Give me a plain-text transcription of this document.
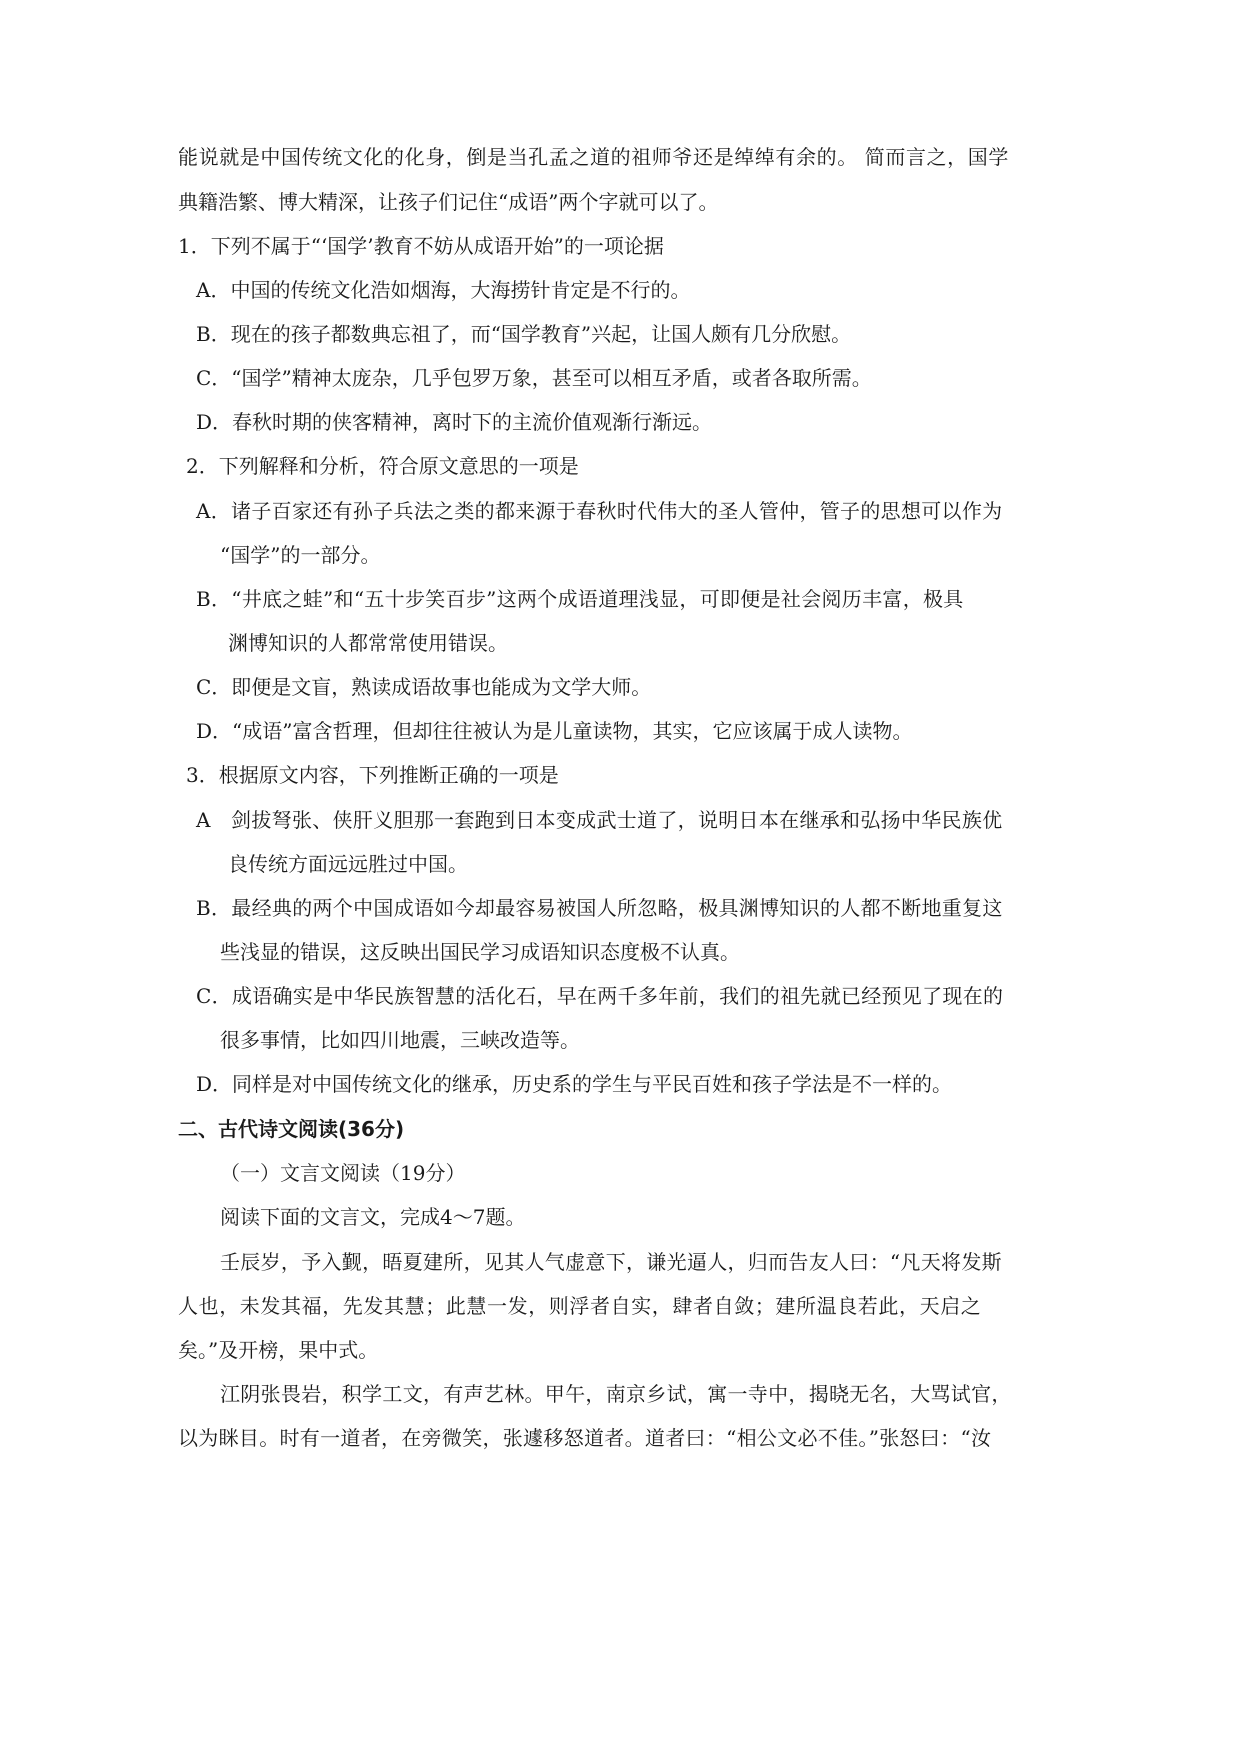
能说就是中国传统文化的化身，倒是当孔孟之道的祖师爷还是绰绰有余的。 简而言之，国学
典籍浩繁、博大精深，让孩子们记住“成语”两个字就可以了。
1．下列不属于“‘国学’教育不妨从成语开始”的一项论据
A．中国的传统文化浩如烟海，大海捞针肯定是不行的。
B．现在的孩子都数典忘祖了，而“国学教育”兴起，让国人颇有几分欣慰。
C．“国学”精神太庞杂，几乎包罗万象，甚至可以相互矛盾，或者各取所需。
D．春秋时期的侠客精神，离时下的主流价值观渐行渐远。
2．下列解释和分析，符合原文意思的一项是
A．诸子百家还有孙子兵法之类的都来源于春秋时代伟大的圣人管仲，管子的思想可以作为
“国学”的一部分。
B．“井底之蛙”和“五十步笑百步”这两个成语道理浅显，可即便是社会阅历丰富，极具
渊博知识的人都常常使用错误。
C．即便是文盲，熟读成语故事也能成为文学大师。
D．“成语”富含哲理，但却往往被认为是儿童读物，其实，它应该属于成人读物。
3．根据原文内容，下列推断正确的一项是
A　剑拔弩张、侠肝义胆那一套跑到日本变成武士道了，说明日本在继承和弘扬中华民族优
良传统方面远远胜过中国。
B．最经典的两个中国成语如今却最容易被国人所忽略，极具渊博知识的人都不断地重复这
些浅显的错误，这反映出国民学习成语知识态度极不认真。
C．成语确实是中华民族智慧的活化石，早在两千多年前，我们的祖先就已经预见了现在的
很多事情，比如四川地震，三峡改造等。
D．同样是对中国传统文化的继承，历史系的学生与平民百姓和孩子学法是不一样的。
二、古代诗文阅读(36分)
（一）文言文阅读（19分）
阅读下面的文言文，完成4～7题。
壬辰岁，予入觐，晤夏建所，见其人气虚意下，谦光逼人，归而告友人曰：“凡天将发斯
人也，未发其福，先发其慧；此慧一发，则浮者自实，肆者自敛；建所温良若此，天启之
矣。”及开榜，果中式。
江阴张畏岩，积学工文，有声艺林。甲午，南京乡试，寓一寺中，揭晓无名，大骂试官，
以为眯目。时有一道者，在旁微笑，张遽移怒道者。道者曰：“相公文必不佳。”张怒曰：“汝
